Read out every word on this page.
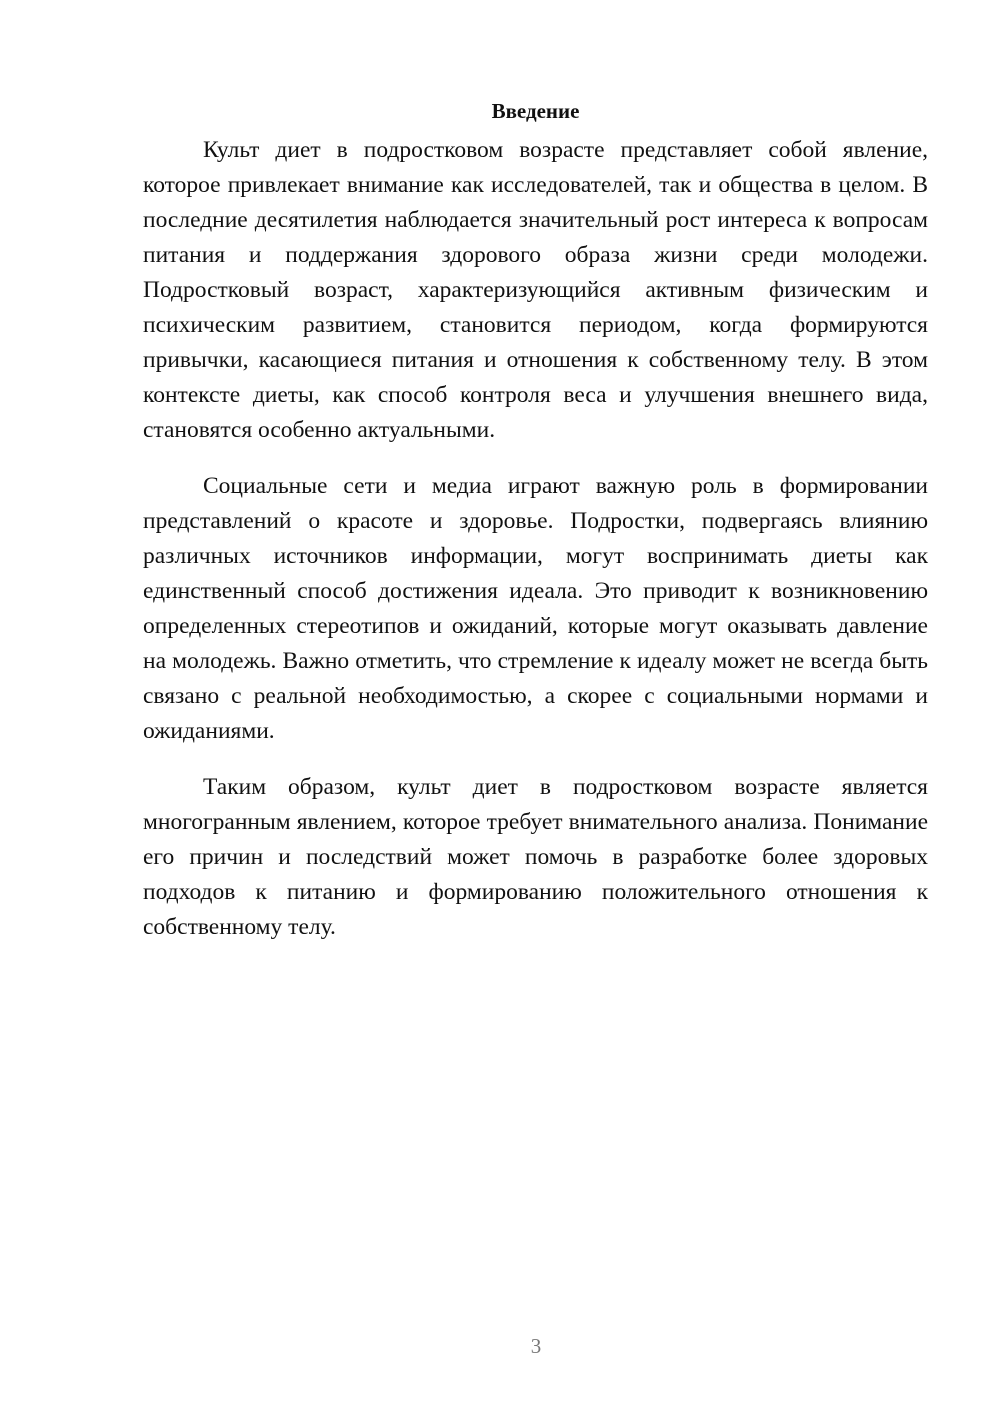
Введение

Культ диет в подростковом возрасте представляет собой явление, которое привлекает внимание как исследователей, так и общества в целом. В последние десятилетия наблюдается значительный рост интереса к вопросам питания и поддержания здорового образа жизни среди молодежи. Подростковый возраст, характеризующийся активным физическим и психическим развитием, становится периодом, когда формируются привычки, касающиеся питания и отношения к собственному телу. В этом контексте диеты, как способ контроля веса и улучшения внешнего вида, становятся особенно актуальными.

Социальные сети и медиа играют важную роль в формировании представлений о красоте и здоровье. Подростки, подвергаясь влиянию различных источников информации, могут воспринимать диеты как единственный способ достижения идеала. Это приводит к возникновению определенных стереотипов и ожиданий, которые могут оказывать давление на молодежь. Важно отметить, что стремление к идеалу может не всегда быть связано с реальной необходимостью, а скорее с социальными нормами и ожиданиями.

Таким образом, культ диет в подростковом возрасте является многогранным явлением, которое требует внимательного анализа. Понимание его причин и последствий может помочь в разработке более здоровых подходов к питанию и формированию положительного отношения к собственному телу.

3
